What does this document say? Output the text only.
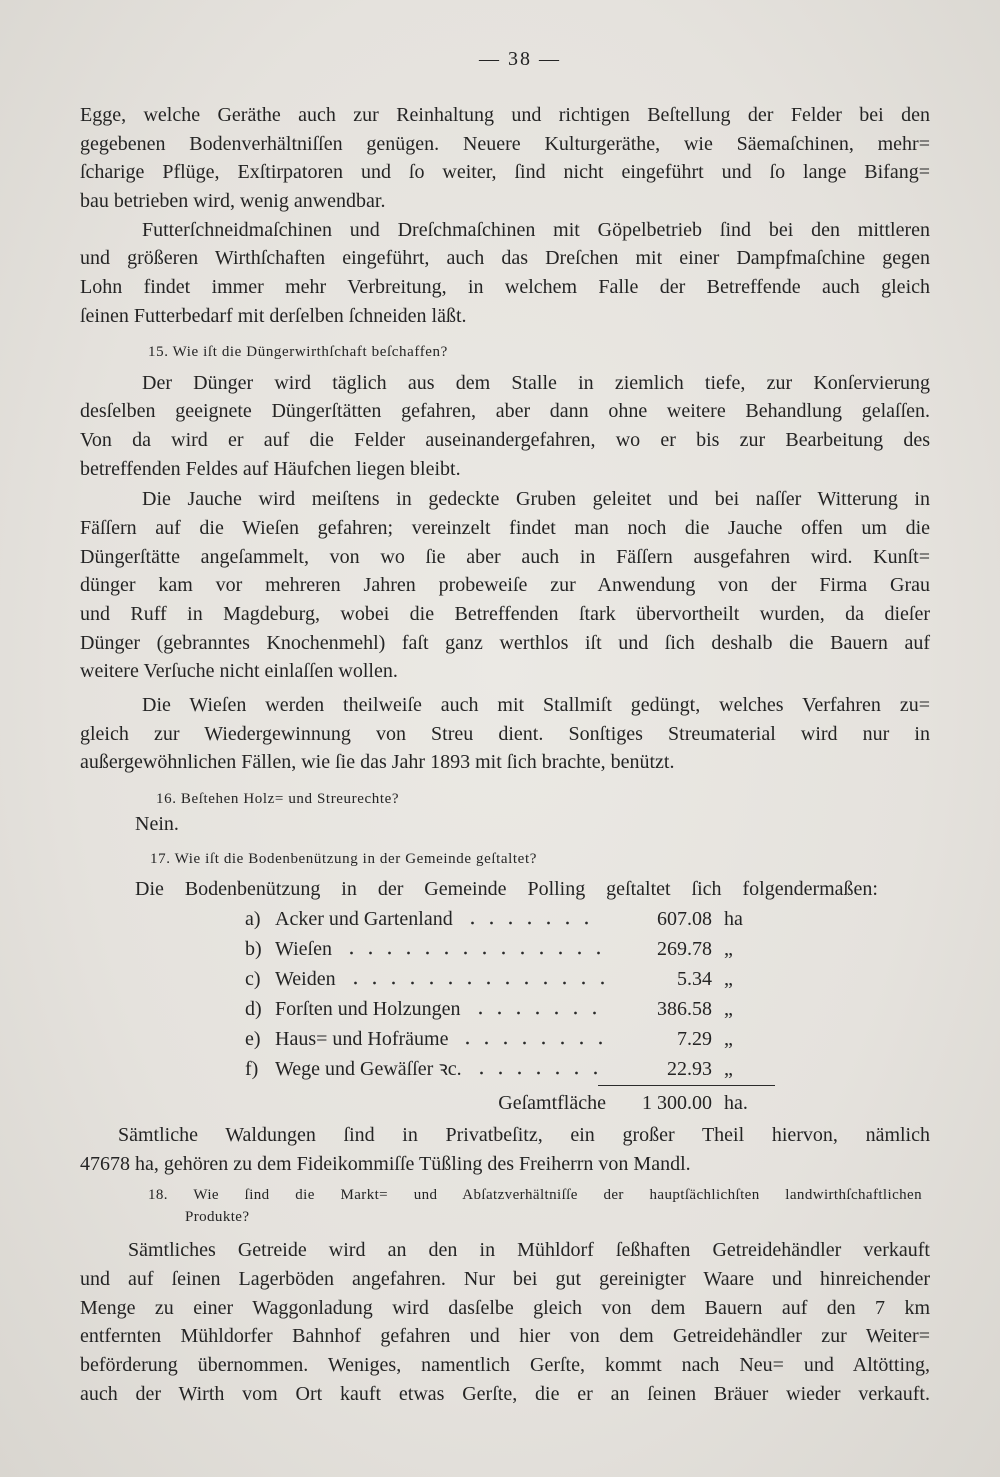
— 38 —
Egge, welche Geräthe auch zur Reinhaltung und richtigen Beſtellung der Felder bei den
gegebenen Bodenverhältniſſen genügen. Neuere Kulturgeräthe, wie Säemaſchinen, mehr=
ſcharige Pflüge, Exſtirpatoren und ſo weiter, ſind nicht eingeführt und ſo lange Bifang=
bau betrieben wird, wenig anwendbar.
Futterſchneidmaſchinen und Dreſchmaſchinen mit Göpelbetrieb ſind bei den mittleren
und größeren Wirthſchaften eingeführt, auch das Dreſchen mit einer Dampfmaſchine gegen
Lohn findet immer mehr Verbreitung, in welchem Falle der Betreffende auch gleich
ſeinen Futterbedarf mit derſelben ſchneiden läßt.
15. Wie iſt die Düngerwirthſchaft beſchaffen?
Der Dünger wird täglich aus dem Stalle in ziemlich tiefe, zur Konſervierung
desſelben geeignete Düngerſtätten gefahren, aber dann ohne weitere Behandlung gelaſſen.
Von da wird er auf die Felder auseinandergefahren, wo er bis zur Bearbeitung des
betreffenden Feldes auf Häufchen liegen bleibt.
Die Jauche wird meiſtens in gedeckte Gruben geleitet und bei naſſer Witterung in
Fäſſern auf die Wieſen gefahren; vereinzelt findet man noch die Jauche offen um die
Düngerſtätte angeſammelt, von wo ſie aber auch in Fäſſern ausgefahren wird. Kunſt=
dünger kam vor mehreren Jahren probeweiſe zur Anwendung von der Firma Grau
und Ruff in Magdeburg, wobei die Betreffenden ſtark übervortheilt wurden, da dieſer
Dünger (gebranntes Knochenmehl) faſt ganz werthlos iſt und ſich deshalb die Bauern auf
weitere Verſuche nicht einlaſſen wollen.
Die Wieſen werden theilweiſe auch mit Stallmiſt gedüngt, welches Verfahren zu=
gleich zur Wiedergewinnung von Streu dient. Sonſtiges Streumaterial wird nur in
außergewöhnlichen Fällen, wie ſie das Jahr 1893 mit ſich brachte, benützt.
16. Beſtehen Holz= und Streurechte?
Nein.
17. Wie iſt die Bodenbenützung in der Gemeinde geſtaltet?
Die Bodenbenützung in der Gemeinde Polling geſtaltet ſich folgendermaßen:
a) Acker und Gartenland	607.08 ha
b) Wieſen	269.78 „
c) Weiden	5.34 „
d) Forſten und Holzungen	386.58 „
e) Haus= und Hofräume	7.29 „
f) Wege und Gewäſſer ꝛc.	22.93 „
Geſamtfläche	1 300.00 ha.
Sämtliche Waldungen ſind in Privatbeſitz, ein großer Theil hiervon, nämlich
47678 ha, gehören zu dem Fideikommiſſe Tüßling des Freiherrn von Mandl.
18. Wie ſind die Markt= und Abſatzverhältniſſe der hauptſächlichſten landwirthſchaftlichen
Produkte?
Sämtliches Getreide wird an den in Mühldorf ſeßhaften Getreidehändler verkauft
und auf ſeinen Lagerböden angefahren. Nur bei gut gereinigter Waare und hinreichender
Menge zu einer Waggonladung wird dasſelbe gleich von dem Bauern auf den 7 km
entfernten Mühldorfer Bahnhof gefahren und hier von dem Getreidehändler zur Weiter=
beförderung übernommen. Weniges, namentlich Gerſte, kommt nach Neu= und Altötting,
auch der Wirth vom Ort kauft etwas Gerſte, die er an ſeinen Bräuer wieder verkauft.
